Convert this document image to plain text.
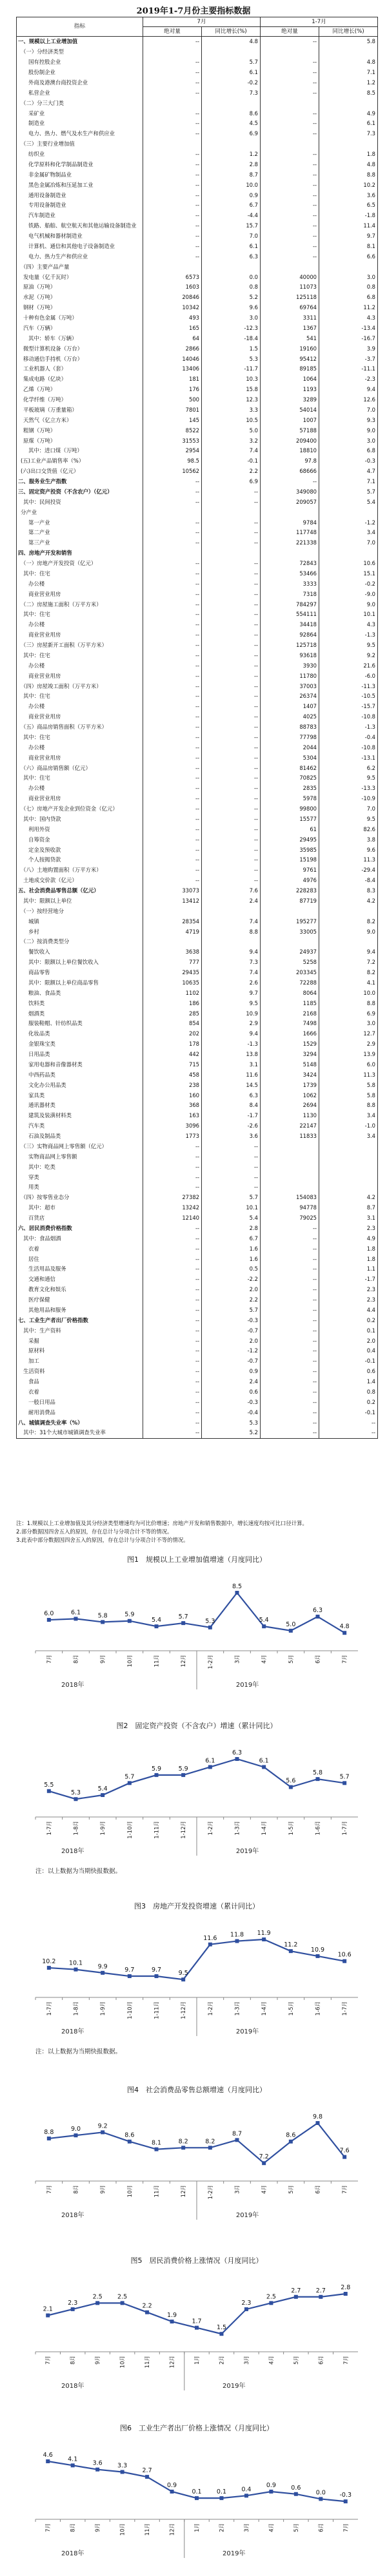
2019年1-7月份主要指标数据
指标	7月		1-7月	
	绝对量	同比增长(%)	绝对量	同比增长(%)
一、规模以上工业增加值	--	4.8	--	5.8
（一）分经济类型				
国有控股企业	--	5.7	--	4.8
股份制企业	--	6.1	--	7.1
外商及港澳台商投资企业	--	-0.2	--	1.2
私营企业	--	7.3	--	8.5
（二）分三大门类				
采矿业	--	8.6	--	4.9
制造业	--	4.5	--	6.1
电力、热力、燃气及水生产和供应业	--	6.9	--	7.3
（三）主要行业增加值				
纺织业	--	1.2	--	1.8
化学原料和化学制品制造业	--	2.8	--	4.8
非金属矿物制品业	--	8.7	--	8.8
黑色金属冶炼和压延加工业	--	10.0	--	10.2
通用设备制造业	--	0.9	--	3.6
专用设备制造业	--	6.7	--	6.5
汽车制造业	--	-4.4	--	-1.8
铁路、船舶、航空航天和其他运输设备制造业	--	15.7	--	11.4
电气机械和器材制造业	--	7.0	--	9.7
计算机、通信和其他电子设备制造业	--	6.1	--	8.1
电力、热力生产和供应业	--	6.3	--	6.6
（四）主要产品产量				
发电量（亿千瓦时）	6573	0.0	40000	3.0
原油（万吨）	1603	0.8	11073	0.8
水泥（万吨）	20846	5.2	125118	6.8
钢材（万吨）	10342	9.6	69764	11.2
十种有色金属（万吨）	493	3.0	3311	4.3
汽车（万辆）	165	-12.3	1367	-13.4
其中：轿车（万辆）	64	-18.4	541	-16.7
微型计算机设备（万台）	2866	1.5	19160	3.9
移动通信手持机（万台）	14046	5.3	95412	-3.7
工业机器人（套）	13406	-11.7	89185	-11.1
集成电路（亿块）	181	10.3	1064	-2.3
乙烯（万吨）	176	15.8	1193	9.4
化学纤维（万吨）	500	12.3	3289	12.6
平板玻璃（万重量箱）	7801	3.3	54014	7.0
天然气（亿立方米）	145	10.5	1007	9.3
粗钢（万吨）	8522	5.0	57188	9.0
原煤（万吨）	31553	3.2	209400	3.0
其中：进口煤（万吨）	2954	7.4	18810	6.8
(五)工业产品销售率（%）	98.5	-0.1	97.8	-0.3
(六)出口交货值（亿元）	10562	2.2	68666	4.7
二、服务业生产指数	--	6.9	--	7.1
三、固定资产投资（不含农户）（亿元）	--	--	349080	5.7
其中：民间投资	--	--	209057	5.4
分产业				
第一产业	--	--	9784	-1.2
第二产业	--	--	117748	3.4
第三产业	--	--	221338	7.0
四、房地产开发和销售				
（一）房地产开发投资（亿元）	--	--	72843	10.6
其中：住宅	--	--	53466	15.1
办公楼	--	--	3333	-0.2
商业营业用房	--	--	7318	-9.0
（二）房屋施工面积（万平方米）	--	--	784297	9.0
其中：住宅	--	--	554111	10.1
办公楼	--	--	34418	4.3
商业营业用房	--	--	92864	-1.3
（三）房屋新开工面积（万平方米）	--	--	125718	9.5
其中：住宅	--	--	93618	9.2
办公楼	--	--	3930	21.6
商业营业用房	--	--	11780	-6.0
（四）房屋竣工面积（万平方米）	--	--	37003	-11.3
其中：住宅	--	--	26374	-10.5
办公楼	--	--	1407	-15.7
商业营业用房	--	--	4025	-10.8
（五）商品房销售面积（万平方米）	--	--	88783	-1.3
其中：住宅	--	--	77798	-0.4
办公楼	--	--	2044	-10.8
商业营业用房	--	--	5304	-13.1
（六）商品房销售额（亿元）	--	--	81462	6.2
其中：住宅	--	--	70825	9.5
办公楼	--	--	2835	-13.3
商业营业用房	--	--	5978	-10.9
（七）房地产开发企业到位资金（亿元）	--	--	99800	7.0
其中：国内贷款	--	--	15577	9.5
利用外资	--	--	61	82.6
自筹资金	--	--	29495	3.8
定金及预收款	--	--	35985	9.6
个人按揭贷款	--	--	15198	11.3
（八）土地购置面积（万平方米）	--	--	9761	-29.4
土地成交价款（亿元）	--	--	4976	-8.4
五、社会消费品零售总额（亿元）	33073	7.6	228283	8.3
其中：限额以上单位	13412	2.4	87719	4.2
（一）按经营地分				
城镇	28354	7.4	195277	8.2
乡村	4719	8.8	33005	9.0
（二）按消费类型分				
餐饮收入	3638	9.4	24937	9.4
其中：限额以上单位餐饮收入	777	7.3	5258	7.2
商品零售	29435	7.4	203345	8.2
其中：限额以上单位商品零售	10635	2.6	72288	4.1
粮油、食品类	1102	9.7	8064	10.0
饮料类	186	9.5	1185	8.8
烟酒类	285	10.9	2168	6.9
服装鞋帽、针纺织品类	854	2.9	7498	3.0
化妆品类	202	9.4	1666	12.7
金银珠宝类	178	-1.3	1529	2.9
日用品类	442	13.8	3294	13.9
家用电器和音像器材类	715	3.1	5148	6.0
中西药品类	458	11.6	3424	11.3
文化办公用品类	238	14.5	1739	5.8
家具类	160	6.3	1062	5.8
通讯器材类	368	8.4	2694	8.8
建筑及装潢材料类	163	-1.7	1130	3.4
汽车类	3096	-2.6	22147	-1.0
石油及制品类	1773	3.6	11833	3.4
（三）实物商品网上零售额（亿元）	--	--		
实物商品网上零售额	--	--		
其中：吃类	--	--		
穿类	--	--		
用类	--	--		
（四）按零售业态分	27382	5.7	154083	4.2
其中：超市	13242	10.1	94778	8.7
百货店	12140	5.4	79025	3.1
六、居民消费价格指数	--	2.8	--	2.3
其中：食品烟酒	--	6.7	--	4.9
衣着	--	1.6	--	1.8
居住	--	1.6	--	1.8
生活用品及服务	--	0.5	--	1.1
交通和通信	--	-2.2	--	-1.7
教育文化和娱乐	--	2.0	--	2.3
医疗保健	--	2.2	--	2.3
其他用品和服务	--	5.7	--	4.4
七、工业生产者出厂价格指数	--	-0.3	--	0.2
其中：生产资料	--	-0.7	--	0.1
采掘	--	2.0	--	2.0
原材料	--	-1.2	--	0.4
加工	--	-0.7	--	-0.1
生活资料	--	0.9	--	0.6
食品	--	2.4	--	1.4
衣着	--	0.6	--	0.8
一般日用品	--	-0.3	--	0.2
耐用消费品	--	-0.4	--	-0.1
八、城镇调查失业率（%）	--	5.3	--	--
其中：31个大城市城镇调查失业率	--	5.2	--	--
注：1.规模以上工业增加值及其分经济类型增速均为可比价增速；房地产开发和销售数据中，增长速度均按可比口径计算。
2.部分数据因四舍五入的原因，存在总计与分项合计不等的情况。
3.此表中部分数据因四舍五入的原因，存在总计与分项合计不等的情况。
图1　规模以上工业增加值增速（月度同比）
7月	8月	9月	10月	11月	12月	1-2月	3月	4月	5月	6月	7月
2018年	2019年
6.0	6.1	5.8	5.9
5.4	5.7
5.3
8.5
5.4
5.0
6.3
4.8
图2　固定资产投资（不含农户）增速（累计同比）
1-7月	1-8月	1-9月	1-10月	1-11月	1-12月	1-2月	1-3月	1-4月	1-5月	1-6月	1-7月
2018年	2019年
5.5
5.3
5.4
5.7
5.9	5.9
6.1
6.3
6.1
5.6
5.8
5.7
注：以上数据为当期快报数据。
图3　房地产开发投资增速（累计同比）
1-7月	1-8月	1-9月	1-10月	1-11月	1-12月	1-2月	1-3月	1-4月	1-5月	1-6月	1-7月
2018年	2019年
10.2 10.1 9.9	9.7	9.7	9.5
11.6 11.8 11.9
11.2
10.9
10.6
注：以上数据为当期快报数据。
图4　社会消费品零售总额增速（月度同比）
7月	8月	9月	10月	11月	12月	1-2月	3月	4月	5月	6月	7月
2018年	2019年
8.8	9.0	9.2
8.6
8.1	8.2	8.2
8.7
7.2
8.6
9.8
7.6
图5　居民消费价格上涨情况（月度同比）
7月	8月	9月	10月	11月	12月	1月	2月	3月	4月	5月	6月	7月
2018年	2019年
2.1
2.3
2.5 2.5
2.2
1.9
1.7
1.5
2.3
2.5
2.7 2.7 2.8
图6　工业生产者出厂价格上涨情况（月度同比）
7月	8月	9月	10月	11月	12月	1月	2月	3月	4月	5月	6月	7月
2018年	2019年
4.6
4.1
3.6 3.3
2.7
0.9
0.1 0.1 0.4
0.9 0.6
0.0 -0.3
